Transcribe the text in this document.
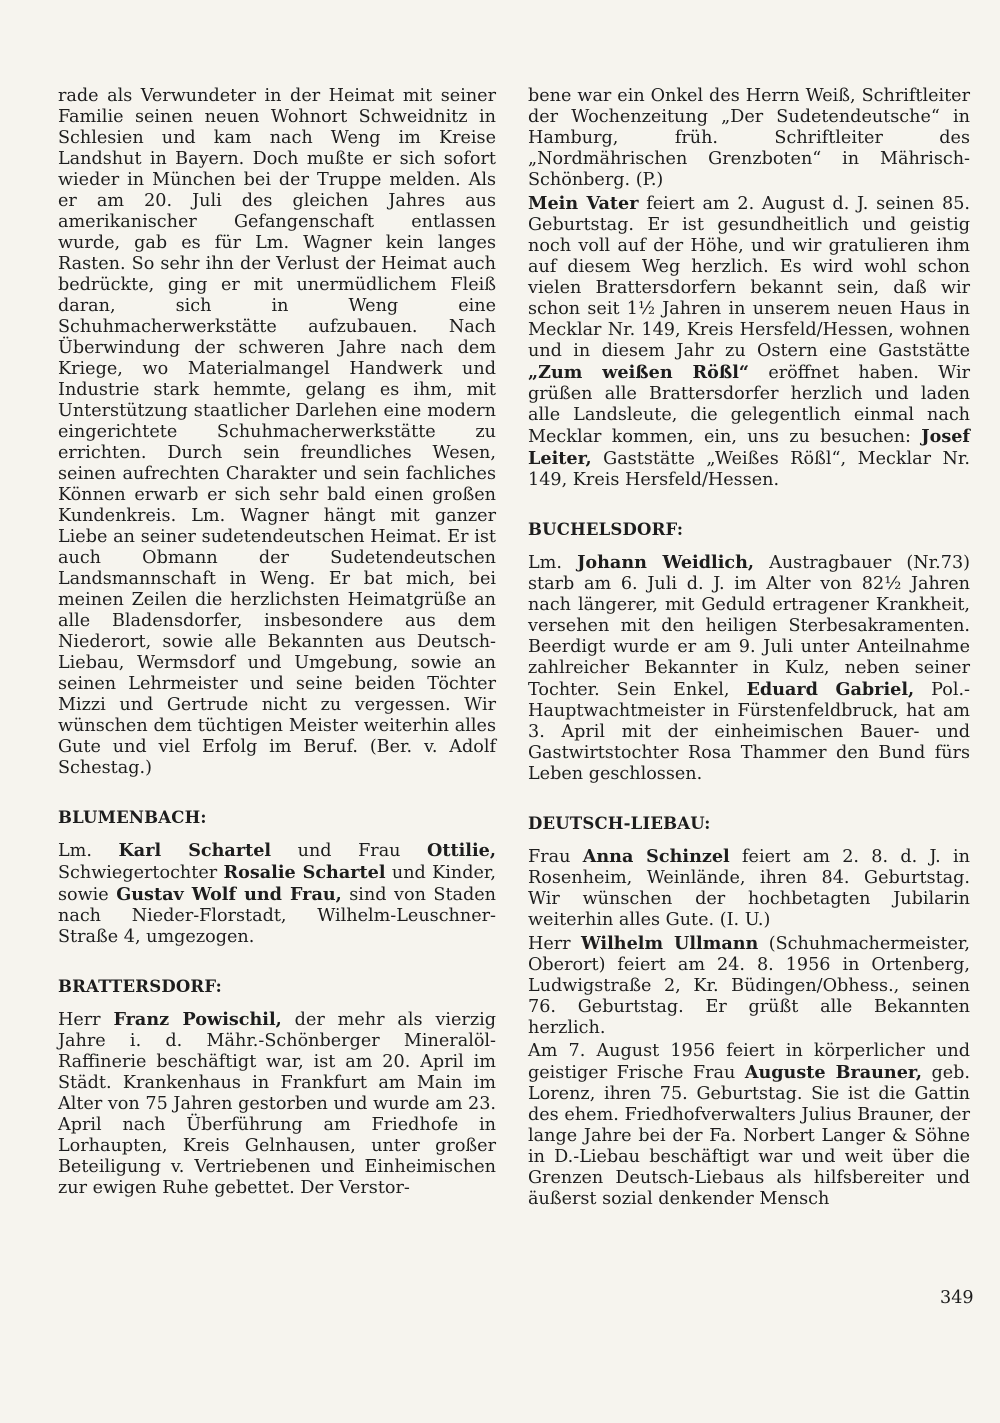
rade als Verwundeter in der Heimat mit seiner Familie seinen neuen Wohnort Schweidnitz in Schlesien und kam nach Weng im Kreise Landshut in Bayern. Doch mußte er sich sofort wieder in München bei der Truppe melden. Als er am 20. Juli des gleichen Jahres aus amerikanischer Gefangenschaft entlassen wurde, gab es für Lm. Wagner kein langes Rasten. So sehr ihn der Verlust der Heimat auch bedrückte, ging er mit unermüdlichem Fleiß daran, sich in Weng eine Schuhmacherwerkstätte aufzubauen. Nach Überwindung der schweren Jahre nach dem Kriege, wo Materialmangel Handwerk und Industrie stark hemmte, gelang es ihm, mit Unterstützung staatlicher Darlehen eine modern eingerichtete Schuhmacherwerkstätte zu errichten. Durch sein freundliches Wesen, seinen aufrechten Charakter und sein fachliches Können erwarb er sich sehr bald einen großen Kundenkreis. Lm. Wagner hängt mit ganzer Liebe an seiner sudetendeutschen Heimat. Er ist auch Obmann der Sudetendeutschen Landsmannschaft in Weng. Er bat mich, bei meinen Zeilen die herzlichsten Heimatgrüße an alle Bladensdorfer, insbesondere aus dem Niederort, sowie alle Bekannten aus Deutsch-Liebau, Wermsdorf und Umgebung, sowie an seinen Lehrmeister und seine beiden Töchter Mizzi und Gertrude nicht zu vergessen. Wir wünschen dem tüchtigen Meister weiterhin alles Gute und viel Erfolg im Beruf. (Ber. v. Adolf Schestag.)

BLUMENBACH:

Lm. Karl Schartel und Frau Ottilie, Schwiegertochter Rosalie Schartel und Kinder, sowie Gustav Wolf und Frau, sind von Staden nach Nieder-Florstadt, Wilhelm-Leuschner-Straße 4, umgezogen.

BRATTERSDORF:

Herr Franz Powischil, der mehr als vierzig Jahre i. d. Mähr.-Schönberger Mineralöl-Raffinerie beschäftigt war, ist am 20. April im Städt. Krankenhaus in Frankfurt am Main im Alter von 75 Jahren gestorben und wurde am 23. April nach Überführung am Friedhofe in Lorhaupten, Kreis Gelnhausen, unter großer Beteiligung v. Vertriebenen und Einheimischen zur ewigen Ruhe gebettet. Der Verstor-

bene war ein Onkel des Herrn Weiß, Schriftleiter der Wochenzeitung „Der Sudetendeutsche“ in Hamburg, früh. Schriftleiter des „Nordmährischen Grenzboten“ in Mährisch-Schönberg. (P.)

Mein Vater feiert am 2. August d. J. seinen 85. Geburtstag. Er ist gesundheitlich und geistig noch voll auf der Höhe, und wir gratulieren ihm auf diesem Weg herzlich. Es wird wohl schon vielen Brattersdorfern bekannt sein, daß wir schon seit 1½ Jahren in unserem neuen Haus in Mecklar Nr. 149, Kreis Hersfeld/Hessen, wohnen und in diesem Jahr zu Ostern eine Gaststätte „Zum weißen Rößl“ eröffnet haben. Wir grüßen alle Brattersdorfer herzlich und laden alle Landsleute, die gelegentlich einmal nach Mecklar kommen, ein, uns zu besuchen: Josef Leiter, Gaststätte „Weißes Rößl“, Mecklar Nr. 149, Kreis Hersfeld/Hessen.

BUCHELSDORF:

Lm. Johann Weidlich, Austragbauer (Nr.73) starb am 6. Juli d. J. im Alter von 82½ Jahren nach längerer, mit Geduld ertragener Krankheit, versehen mit den heiligen Sterbesakramenten. Beerdigt wurde er am 9. Juli unter Anteilnahme zahlreicher Bekannter in Kulz, neben seiner Tochter. Sein Enkel, Eduard Gabriel, Pol.-Hauptwachtmeister in Fürstenfeldbruck, hat am 3. April mit der einheimischen Bauer- und Gastwirtstochter Rosa Thammer den Bund fürs Leben geschlossen.

DEUTSCH-LIEBAU:

Frau Anna Schinzel feiert am 2. 8. d. J. in Rosenheim, Weinlände, ihren 84. Geburtstag. Wir wünschen der hochbetagten Jubilarin weiterhin alles Gute. (I. U.)

Herr Wilhelm Ullmann (Schuhmachermeister, Oberort) feiert am 24. 8. 1956 in Ortenberg, Ludwigstraße 2, Kr. Büdingen/Obhess., seinen 76. Geburtstag. Er grüßt alle Bekannten herzlich.

Am 7. August 1956 feiert in körperlicher und geistiger Frische Frau Auguste Brauner, geb. Lorenz, ihren 75. Geburtstag. Sie ist die Gattin des ehem. Friedhofverwalters Julius Brauner, der lange Jahre bei der Fa. Norbert Langer & Söhne in D.-Liebau beschäftigt war und weit über die Grenzen Deutsch-Liebaus als hilfsbereiter und äußerst sozial denkender Mensch

349
